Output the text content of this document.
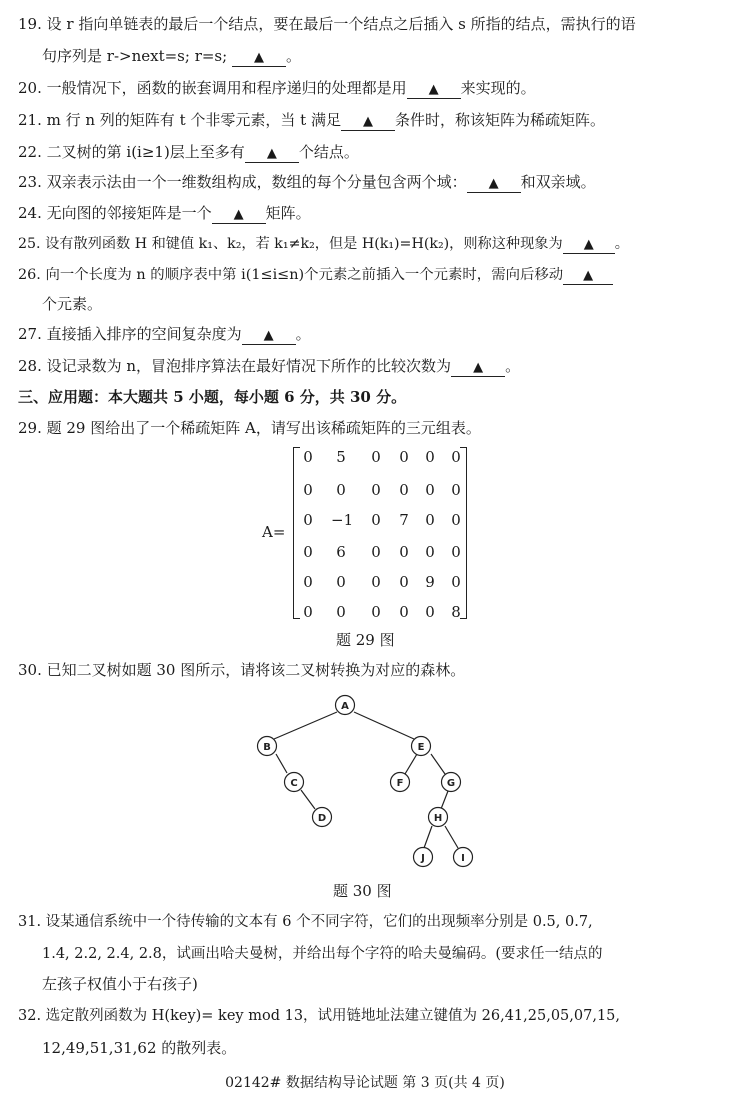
19. 设 r 指向单链表的最后一个结点，要在最后一个结点之后插入 s 所指的结点，需执行的语
句序列是 r->next=s; r=s; ▲ 。
20. 一般情况下，函数的嵌套调用和程序递归的处理都是用 ▲ 来实现的。
21. m 行 n 列的矩阵有 t 个非零元素，当 t 满足 ▲ 条件时，称该矩阵为稀疏矩阵。
22. 二叉树的第 i(i≥1)层上至多有 ▲ 个结点。
23. 双亲表示法由一个一维数组构成，数组的每个分量包含两个域： ▲ 和双亲域。
24. 无向图的邻接矩阵是一个 ▲ 矩阵。
25. 设有散列函数 H 和键值 k₁、k₂，若 k₁≠k₂，但是 H(k₁)=H(k₂)，则称这种现象为 ▲ 。
26. 向一个长度为 n 的顺序表中第 i(1≤i≤n)个元素之前插入一个元素时，需向后移动 ▲
个元素。
27. 直接插入排序的空间复杂度为 ▲ 。
28. 设记录数为 n，冒泡排序算法在最好情况下所作的比较次数为 ▲ 。
三、应用题：本大题共 5 小题，每小题 6 分，共 30 分。
29. 题 29 图给出了一个稀疏矩阵 A，请写出该稀疏矩阵的三元组表。
A=
0	5	0	0	0	0
0	0	0	0	0	0
0	−1	0	7	0	0
0	6	0	0	0	0
0	0	0	0	9	0
0	0	0	0	0	8
题 29 图
30. 已知二叉树如题 30 图所示，请将该二叉树转换为对应的森林。
A
B	E
C	F	G
D	H
J	I
题 30 图
31. 设某通信系统中一个待传输的文本有 6 个不同字符，它们的出现频率分别是 0.5, 0.7,
1.4, 2.2, 2.4, 2.8，试画出哈夫曼树，并给出每个字符的哈夫曼编码。(要求任一结点的
左孩子权值小于右孩子)
32. 选定散列函数为 H(key)= key mod 13，试用链地址法建立键值为 26,41,25,05,07,15,
12,49,51,31,62 的散列表。
02142# 数据结构导论试题 第 3 页(共 4 页)
